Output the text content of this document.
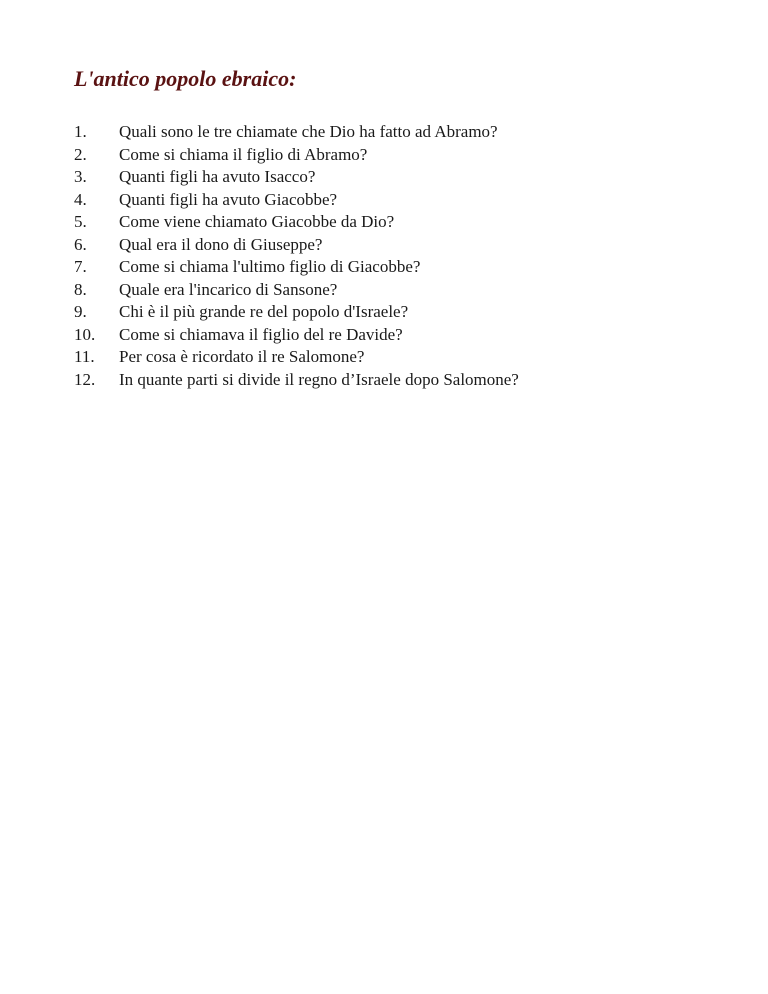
L'antico popolo ebraico:
1.	Quali sono le tre chiamate che Dio ha fatto ad Abramo?
2.	Come si chiama il figlio di Abramo?
3.	Quanti figli ha avuto Isacco?
4.	Quanti figli ha avuto Giacobbe?
5.	Come viene chiamato Giacobbe da Dio?
6.	Qual era il dono di Giuseppe?
7.	Come si chiama l'ultimo figlio di Giacobbe?
8.	Quale era l'incarico di Sansone?
9.	Chi è il più grande re del popolo d'Israele?
10.	Come si chiamava il figlio del re Davide?
11.	Per cosa è ricordato il re Salomone?
12.	In quante parti si divide il regno d’Israele dopo Salomone?
